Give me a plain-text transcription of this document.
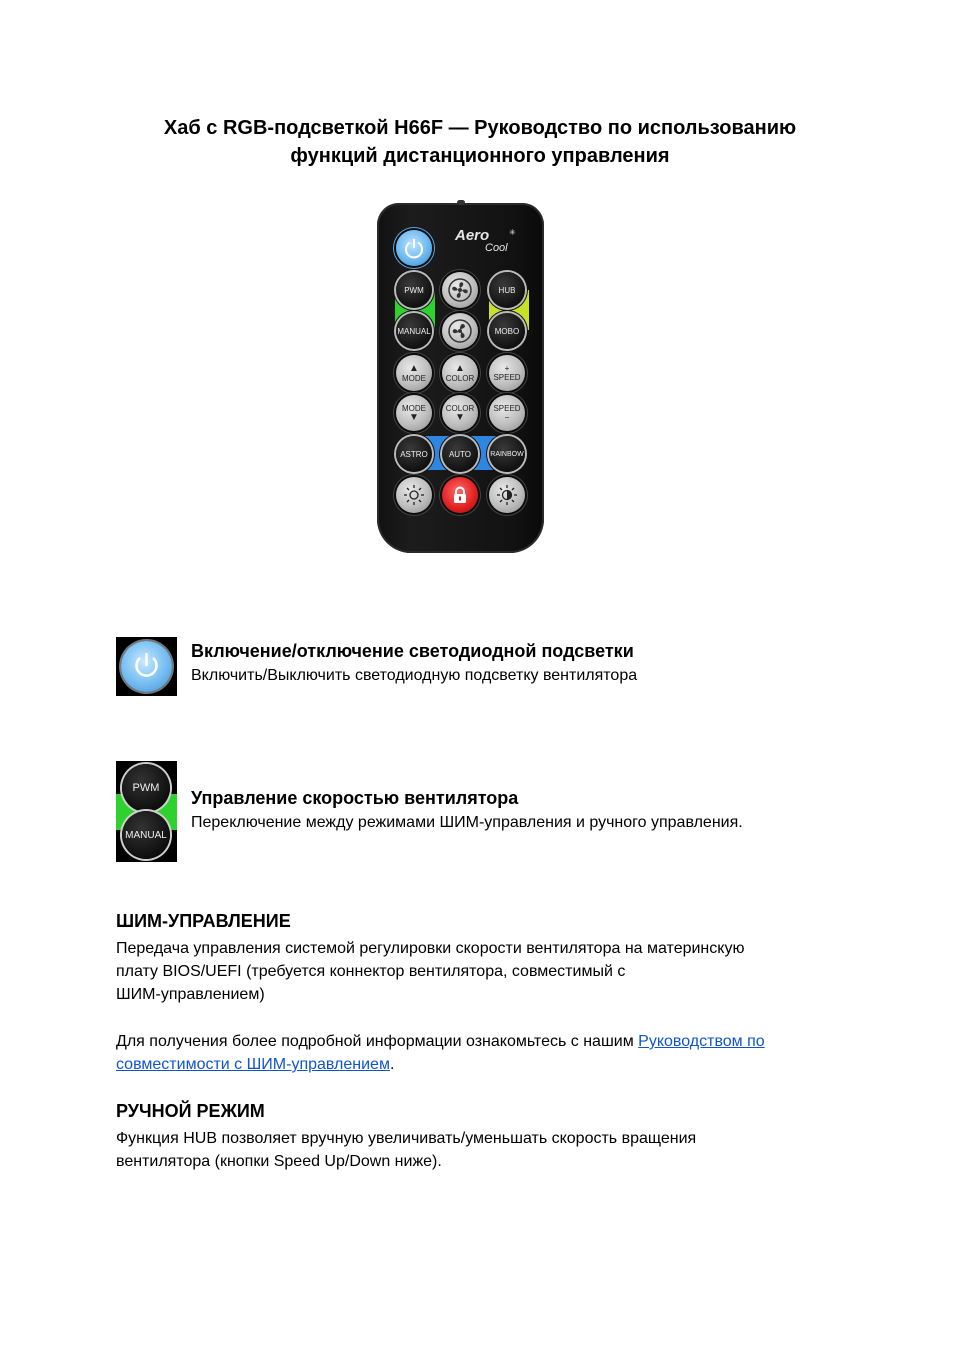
Хаб с RGB-подсветкой H66F — Руководство по использованию
функций дистанционного управления
Aero ✳
Cool
PWM	HUB
MANUAL	MOBO
▲
MODE
▲
COLOR
+
SPEED
MODE
▼
COLOR
▼
SPEED
−
ASTRO	AUTO	RAINBOW
Включение/отключение светодиодной подсветки
Включить/Выключить светодиодную подсветку вентилятора
PWM
MANUAL
Управление скоростью вентилятора
Переключение между режимами ШИМ-управления и ручного управления.
ШИМ-УПРАВЛЕНИЕ
Передача управления системой регулировки скорости вентилятора на материнскую
плату BIOS/UEFI (требуется коннектор вентилятора, совместимый с
ШИМ-управлением)
Для получения более подробной информации ознакомьтесь с нашим Руководством по
совместимости с ШИМ-управлением.
РУЧНОЙ РЕЖИМ
Функция HUB позволяет вручную увеличивать/уменьшать скорость вращения
вентилятора (кнопки Speed Up/Down ниже).
